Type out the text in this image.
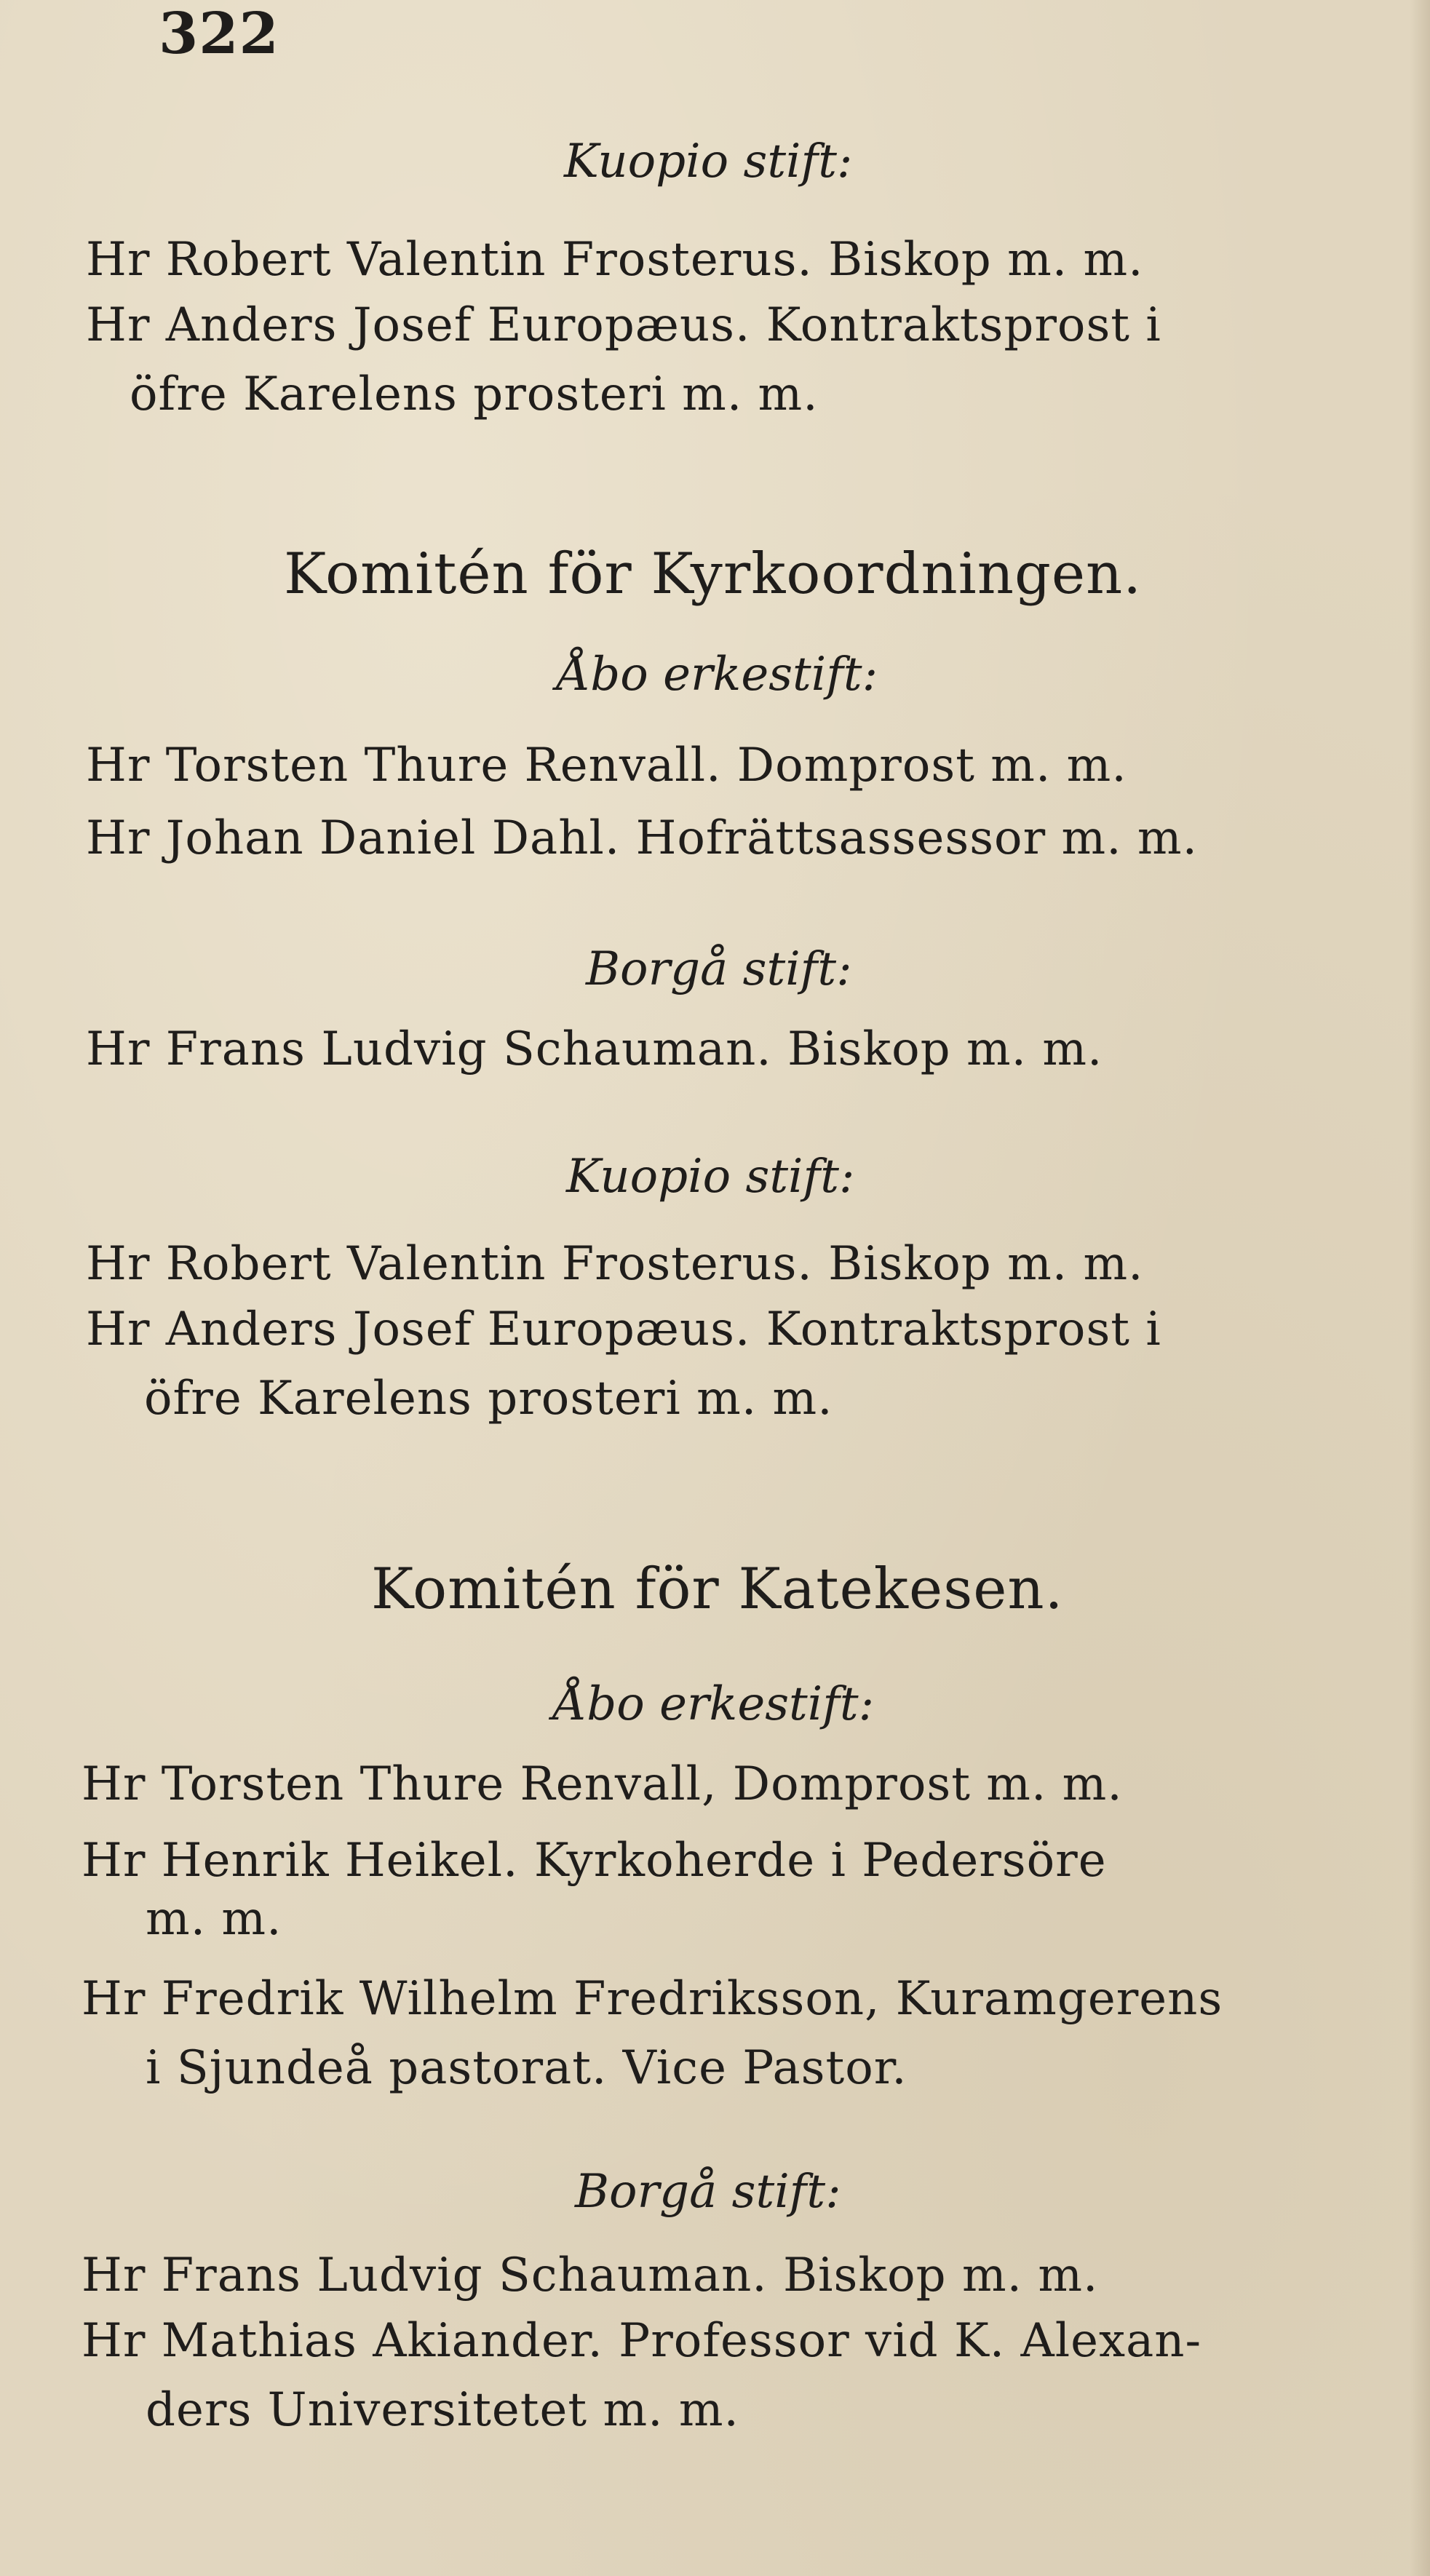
322
Kuopio stift:
Hr Robert Valentin Frosterus. Biskop m. m.
Hr Anders Josef Europæus. Kontraktsprost i
öfre Karelens prosteri m. m.
Komitén för Kyrkoordningen.
Åbo erkestift:
Hr Torsten Thure Renvall. Domprost m. m.
Hr Johan Daniel Dahl. Hofrättsassessor m. m.
Borgå stift:
Hr Frans Ludvig Schauman. Biskop m. m.
Kuopio stift:
Hr Robert Valentin Frosterus. Biskop m. m.
Hr Anders Josef Europæus. Kontraktsprost i
öfre Karelens prosteri m. m.
Komitén för Katekesen.
Åbo erkestift:
Hr Torsten Thure Renvall, Domprost m. m.
Hr Henrik Heikel. Kyrkoherde i Pedersöre
m. m.
Hr Fredrik Wilhelm Fredriksson, Kuramgerens
i Sjundeå pastorat. Vice Pastor.
Borgå stift:
Hr Frans Ludvig Schauman. Biskop m. m.
Hr Mathias Akiander. Professor vid K. Alexan-
ders Universitetet m. m.
